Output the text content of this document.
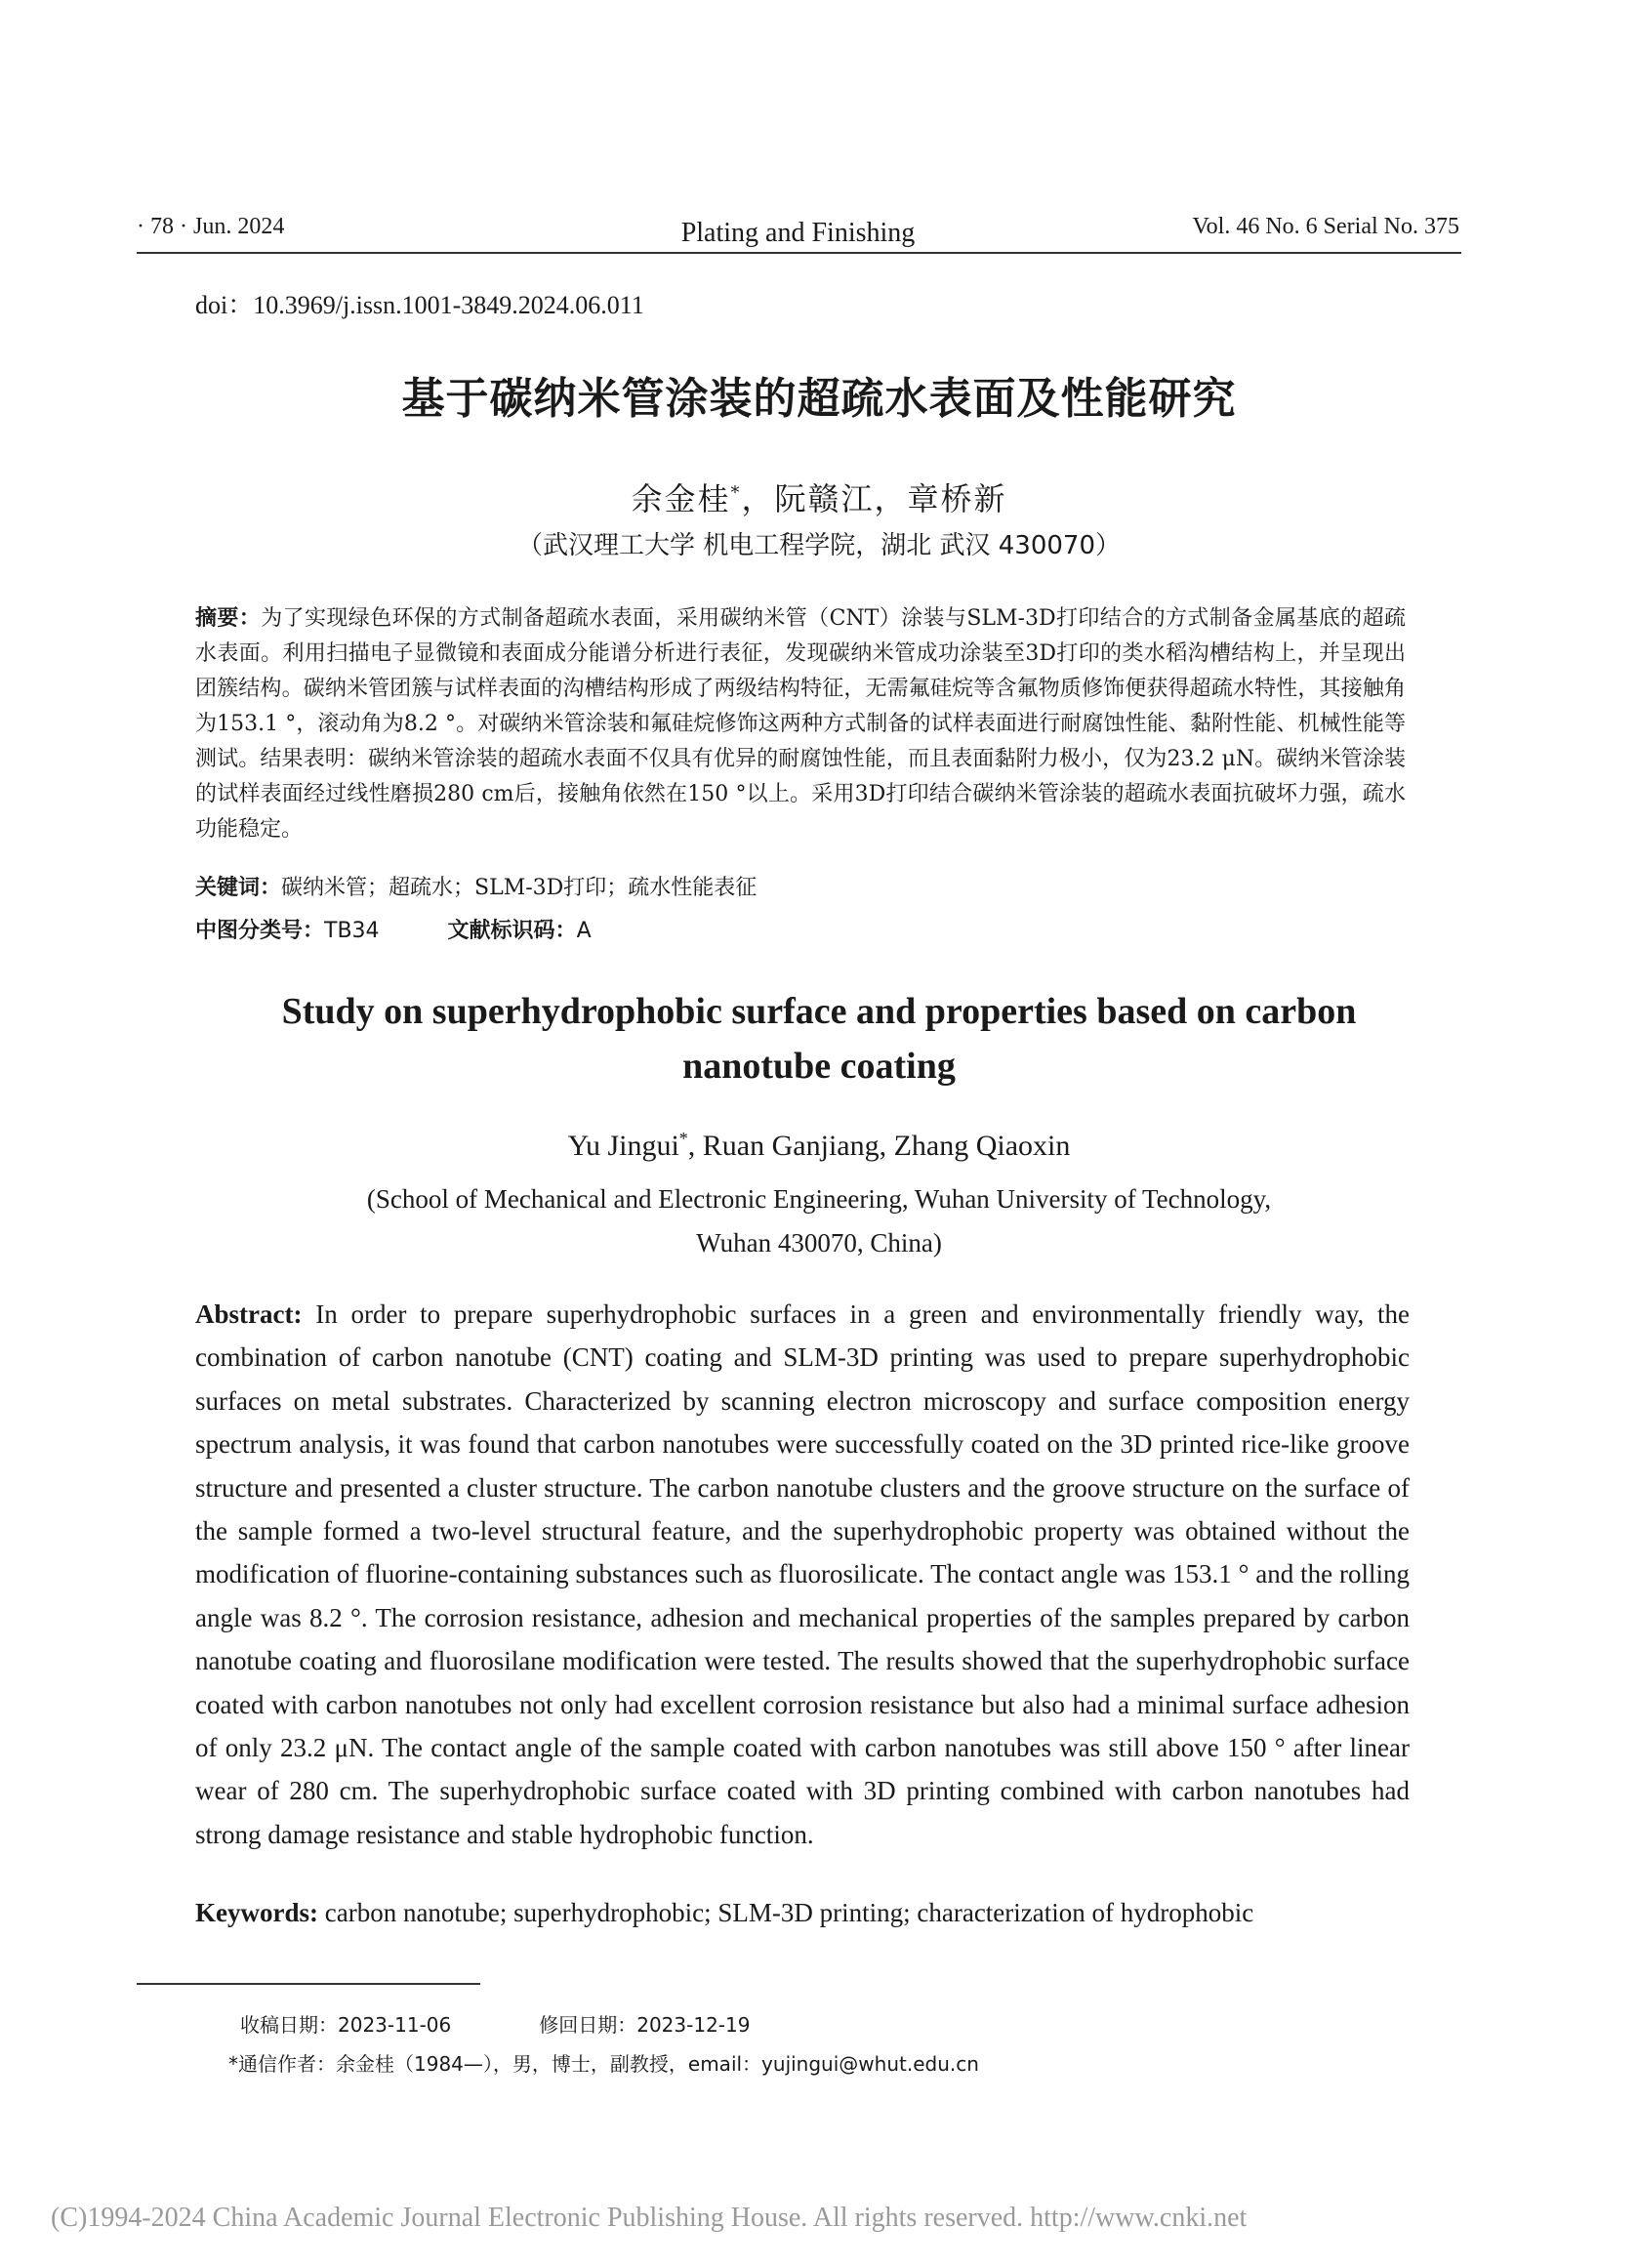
· 78 · Jun. 2024	Plating and Finishing	Vol. 46 No. 6 Serial No. 375
doi：10.3969/j.issn.1001-3849.2024.06.011
基于碳纳米管涂装的超疏水表面及性能研究
余金桂*，阮赣江，章桥新
（武汉理工大学 机电工程学院，湖北 武汉 430070）
摘要：为了实现绿色环保的方式制备超疏水表面，采用碳纳米管（CNT）涂装与SLM-3D打印结合的方式制备金属基底的超疏水表面。利用扫描电子显微镜和表面成分能谱分析进行表征，发现碳纳米管成功涂装至3D打印的类水稻沟槽结构上，并呈现出团簇结构。碳纳米管团簇与试样表面的沟槽结构形成了两级结构特征，无需氟硅烷等含氟物质修饰便获得超疏水特性，其接触角为153.1 °，滚动角为8.2 °。对碳纳米管涂装和氟硅烷修饰这两种方式制备的试样表面进行耐腐蚀性能、黏附性能、机械性能等测试。结果表明：碳纳米管涂装的超疏水表面不仅具有优异的耐腐蚀性能，而且表面黏附力极小，仅为23.2 μN。碳纳米管涂装的试样表面经过线性磨损280 cm后，接触角依然在150 °以上。采用3D打印结合碳纳米管涂装的超疏水表面抗破坏力强，疏水功能稳定。
关键词：碳纳米管；超疏水；SLM-3D打印；疏水性能表征
中图分类号：TB34	文献标识码：A
Study on superhydrophobic surface and properties based on carbon
nanotube coating
Yu Jingui*, Ruan Ganjiang, Zhang Qiaoxin
(School of Mechanical and Electronic Engineering, Wuhan University of Technology,
Wuhan 430070, China)
Abstract: In order to prepare superhydrophobic surfaces in a green and environmentally friendly way, the combination of carbon nanotube (CNT) coating and SLM-3D printing was used to prepare superhydrophobic surfaces on metal substrates. Characterized by scanning electron microscopy and surface composition energy spectrum analysis, it was found that carbon nanotubes were successfully coated on the 3D printed rice-like groove structure and presented a cluster structure. The carbon nanotube clusters and the groove structure on the surface of the sample formed a two-level structural feature, and the superhydrophobic property was obtained without the modification of fluorine-containing substances such as fluorosilicate. The contact angle was 153.1 ° and the rolling angle was 8.2 °. The corrosion resistance, adhesion and mechanical properties of the samples prepared by carbon nanotube coating and fluorosilane modification were tested. The results showed that the superhydrophobic surface coated with carbon nanotubes not only had excellent corrosion resistance but also had a minimal surface adhesion of only 23.2 μN. The contact angle of the sample coated with carbon nanotubes was still above 150 ° after linear wear of 280 cm. The superhydrophobic surface coated with 3D printing combined with carbon nanotubes had strong damage resistance and stable hydrophobic function.
Keywords: carbon nanotube; superhydrophobic; SLM-3D printing; characterization of hydrophobic
收稿日期：2023-11-06	修回日期：2023-12-19
*通信作者：余金桂（1984—），男，博士，副教授，email：yujingui@whut.edu.cn
(C)1994-2024 China Academic Journal Electronic Publishing House. All rights reserved. http://www.cnki.net
